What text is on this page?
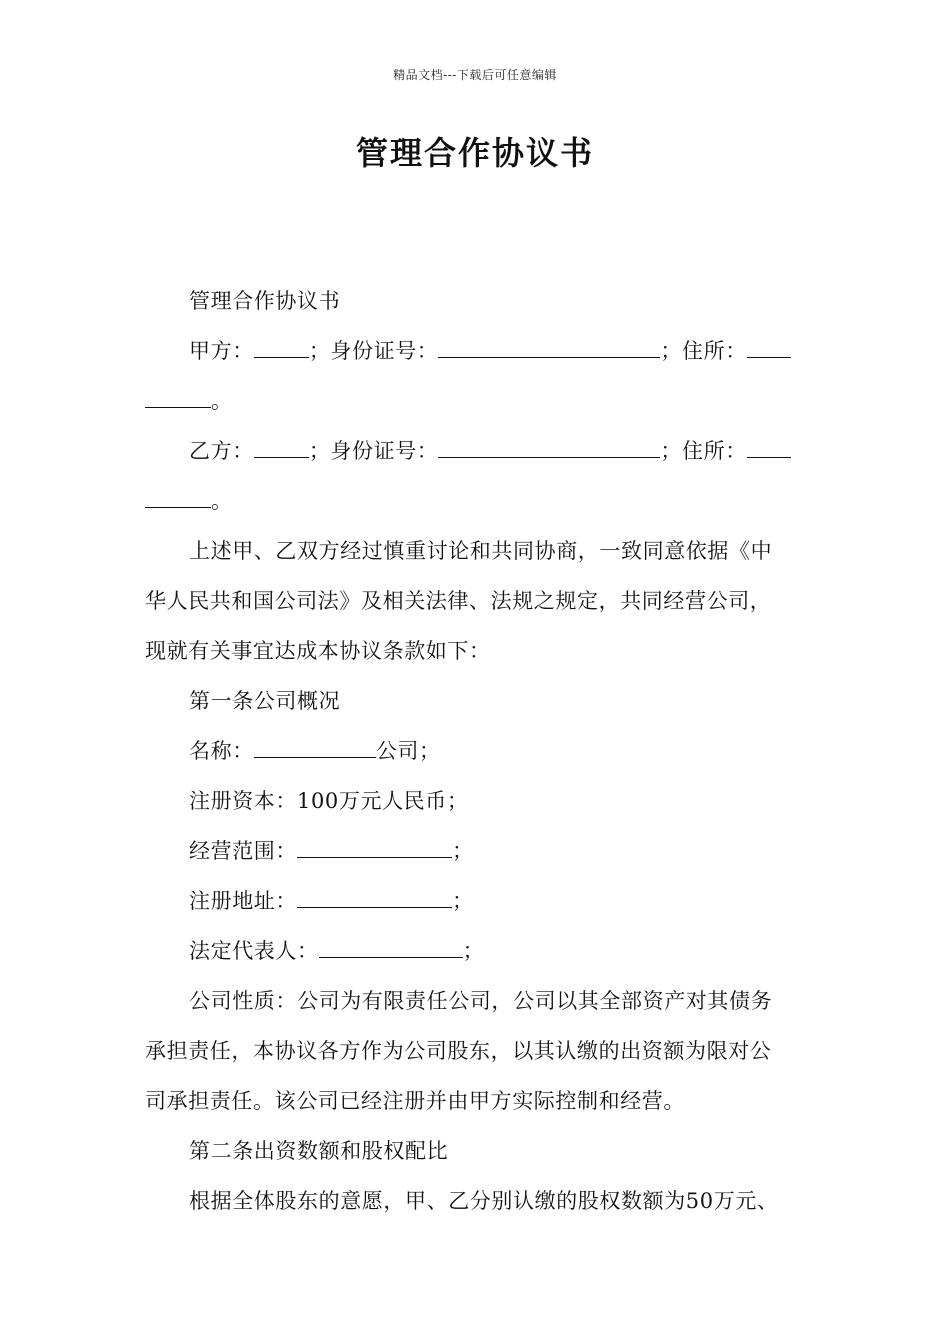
精品文档---下载后可任意编辑
管理合作协议书

管理合作协议书

甲方：	；身份证号：	；住所：

。

乙方：	；身份证号：	；住所：

。

上述甲、乙双方经过慎重讨论和共同协商，一致同意依据《中

华人民共和国公司法》及相关法律、法规之规定，共同经营公司，

现就有关事宜达成本协议条款如下：

第一条公司概况

名称：	公司；

注册资本：100万元人民币；

经营范围：	；

注册地址：	；

法定代表人：	；

公司性质：公司为有限责任公司，公司以其全部资产对其债务

承担责任，本协议各方作为公司股东，以其认缴的出资额为限对公

司承担责任。该公司已经注册并由甲方实际控制和经营。

第二条出资数额和股权配比

根据全体股东的意愿，甲、乙分别认缴的股权数额为50万元、
